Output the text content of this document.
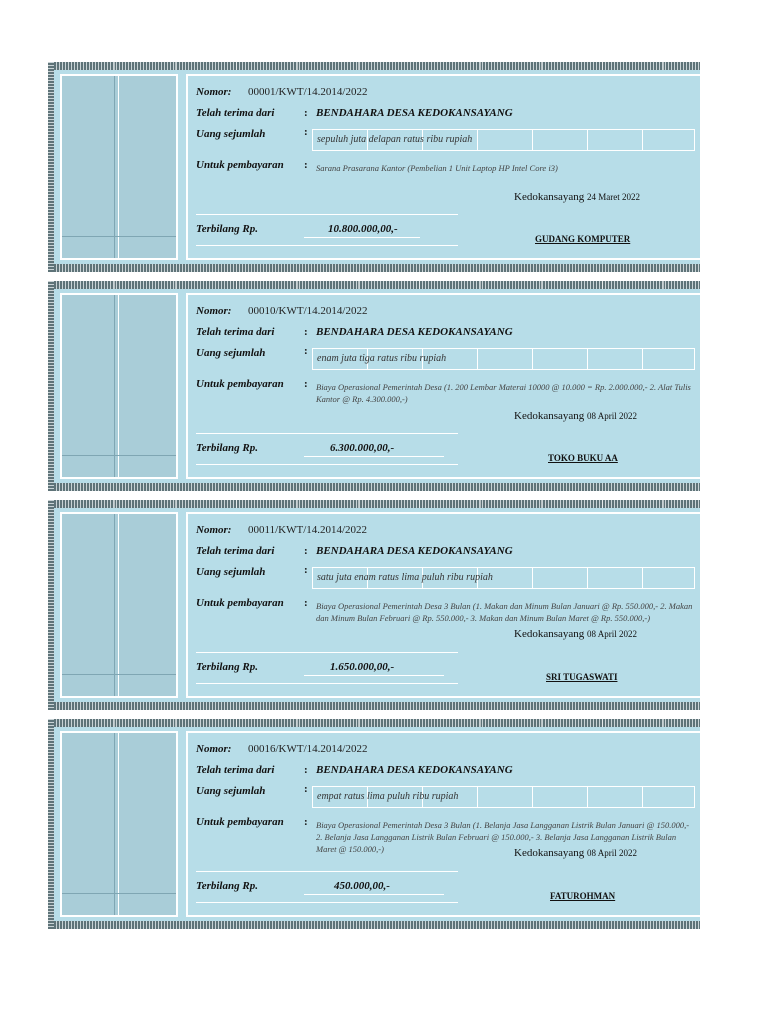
Nomor: 00001/KWT/14.2014/2022
Telah terima dari	: BENDAHARA DESA KEDOKANSAYANG
Uang sejumlah	:
sepuluh juta delapan ratus ribu rupiah
Untuk pembayaran : Sarana Prasarana Kantor (Pembelian 1 Unit Laptop HP Intel Core i3)
Kedokansayang 24 Maret 2022
Terbilang Rp.	10.800.000,00,-
GUDANG KOMPUTER
Nomor: 00010/KWT/14.2014/2022
Telah terima dari	: BENDAHARA DESA KEDOKANSAYANG
Uang sejumlah	:
enam juta tiga ratus ribu rupiah
Untuk pembayaran : Biaya Operasional Pemerintah Desa (1. 200 Lembar Materai 10000 @ 10.000 = Rp. 2.000.000,- 2. Alat Tulis Kantor @ Rp. 4.300.000,-)
Kedokansayang 08 April 2022
Terbilang Rp.	6.300.000,00,-
TOKO BUKU AA
Nomor: 00011/KWT/14.2014/2022
Telah terima dari	: BENDAHARA DESA KEDOKANSAYANG
Uang sejumlah	:
satu juta enam ratus lima puluh ribu rupiah
Untuk pembayaran : Biaya Operasional Pemerintah Desa 3 Bulan (1. Makan dan Minum Bulan Januari @ Rp. 550.000,- 2. Makan dan Minum Bulan Februari @ Rp. 550.000,- 3. Makan dan Minum Bulan Maret @ Rp. 550.000,-)
Kedokansayang 08 April 2022
Terbilang Rp.	1.650.000,00,-
SRI TUGASWATI
Nomor: 00016/KWT/14.2014/2022
Telah terima dari	: BENDAHARA DESA KEDOKANSAYANG
Uang sejumlah	:
empat ratus lima puluh ribu rupiah
Untuk pembayaran : Biaya Operasional Pemerintah Desa 3 Bulan (1. Belanja Jasa Langganan Listrik Bulan Januari @ 150.000,- 2. Belanja Jasa Langganan Listrik Bulan Februari @ 150.000,- 3. Belanja Jasa Langganan Listrik Bulan Maret @ 150.000,-)	Kedokansayang 08 April 2022
Terbilang Rp.	450.000,00,-
FATUROHMAN
